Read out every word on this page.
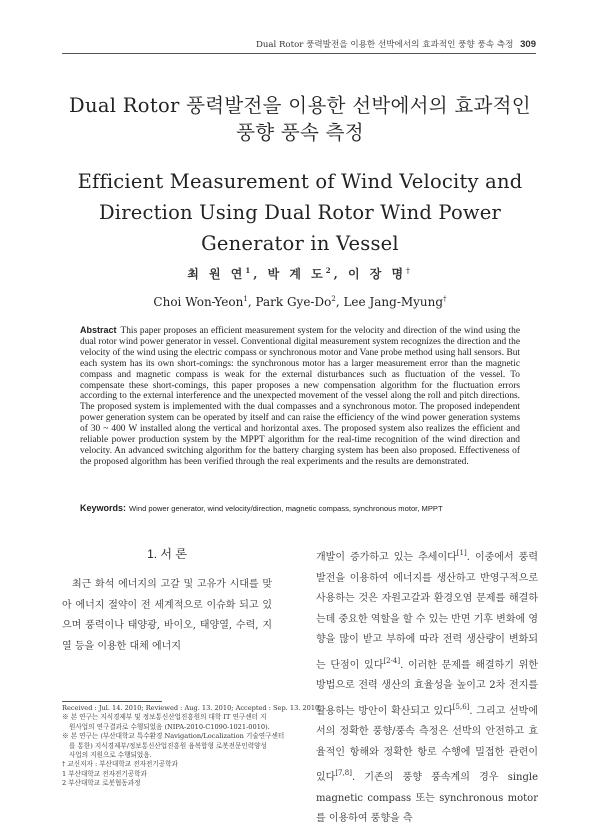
Dual Rotor 풍력발전을 이용한 선박에서의 효과적인 풍향 풍속 측정 309
Dual Rotor 풍력발전을 이용한 선박에서의 효과적인
풍향 풍속 측정
Efficient Measurement of Wind Velocity and
Direction Using Dual Rotor Wind Power
Generator in Vessel
최 원 연$^1$, 박 계 도$^2$, 이 장 명†
Choi Won-Yeon$^1$, Park Gye-Do$^2$, Lee Jang-Myung†
Abstract This paper proposes an efficient measurement system for the velocity and direction of the wind using the dual rotor wind power generator in vessel. Conventional digital measurement system recognizes the direction and the velocity of the wind using the electric compass or synchronous motor and Vane probe method using hall sensors. But each system has its own short-comings: the synchronous motor has a larger measurement error than the magnetic compass and magnetic compass is weak for the external disturbances such as fluctuation of the vessel. To compensate these short-comings, this paper proposes a new compensation algorithm for the fluctuation errors according to the external interference and the unexpected movement of the vessel along the roll and pitch directions. The proposed system is implemented with the dual compasses and a synchronous motor. The proposed independent power generation system can be operated by itself and can raise the efficiency of the wind power generation systems of 30 ~ 400 W installed along the vertical and horizontal axes. The proposed system also realizes the efficient and reliable power production system by the MPPT algorithm for the real-time recognition of the wind direction and velocity. An advanced switching algorithm for the battery charging system has been also proposed. Effectiveness of the proposed algorithm has been verified through the real experiments and the results are demonstrated.
Keywords: Wind power generator, wind velocity/direction, magnetic compass, synchronous motor, MPPT
1. 서 론

최근 화석 에너지의 고갈 및 고유가 시대를 맞아 에너지 절약이 전 세계적으로 이슈화 되고 있으며 풍력이나 태양광, 바이오, 태양열, 수력, 지열 등을 이용한 대체 에너지

개발이 증가하고 있는 추세이다[1]. 이중에서 풍력발전을 이용하여 에너지를 생산하고 반영구적으로 사용하는 것은 자원고갈과 환경오염 문제를 해결하는데 중요한 역할을 할 수 있는 반면 기후 변화에 영향을 많이 받고 부하에 따라 전력 생산량이 변화되는 단점이 있다[2-4]. 이러한 문제를 해결하기 위한 방법으로 전력 생산의 효율성을 높이고 2차 전지를 활용하는 방안이 확산되고 있다[5,6]. 그리고 선박에서의 정확한 풍향/풍속 측정은 선박의 안전하고 효율적인 항해와 정확한 항로 수행에 밀접한 관련이 있다[7,8]. 기존의 풍향 풍속계의 경우 single magnetic compass 또는 synchronous motor를 이용하여 풍향을 측

Received : Jul. 14. 2010; Reviewed : Aug. 13. 2010; Accepted : Sep. 13. 2010
※ 본 연구는 지식경제부 및 정보통신산업진흥원의 대학 IT 연구센터 지
원사업의 연구결과로 수행되었음 (NIPA-2010-C1090-1021-0010).
※ 본 연구는 (부산대학교 특수환경 Navigation/Localization 기술연구센터
를 통한) 지식경제부/정보통신산업진흥원 융복합형 로봇전문인력양성
사업의 지원으로 수행되었음.
† 교신저자 : 부산대학교 전자전기공학과
1 부산대학교 전자전기공학과
2 부산대학교 로봇협동과정
